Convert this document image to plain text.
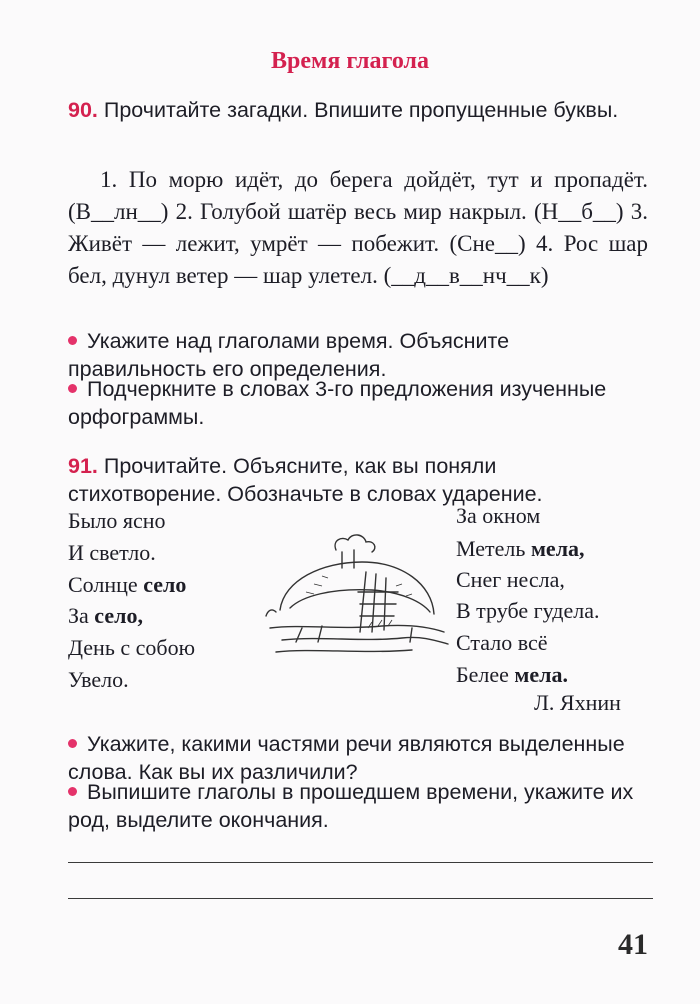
Время глагола
90. Прочитайте загадки. Впишите пропущенные буквы.
1. По морю идёт, до берега дойдёт, тут и пропадёт. (В__лн__) 2. Голубой шатёр весь мир накрыл. (Н__б__) 3. Живёт — лежит, умрёт — побежит. (Сне__) 4. Рос шар бел, дунул ветер — шар улетел. (__д__в__нч__к)
Укажите над глаголами время. Объясните правильность его определения.
Подчеркните в словах 3-го предложения изученные орфограммы.
91. Прочитайте. Объясните, как вы поняли стихотворение. Обозначьте в словах ударение.
Было ясно
И светло.
Солнце село
За село,
День с собою
Увело.
За окном
Метель мела,
Снег несла,
В трубе гудела.
Стало всё
Белее мела.
Л. Яхнин
Укажите, какими частями речи являются выделенные слова. Как вы их различили?
Выпишите глаголы в прошедшем времени, укажите их род, выделите окончания.
41
